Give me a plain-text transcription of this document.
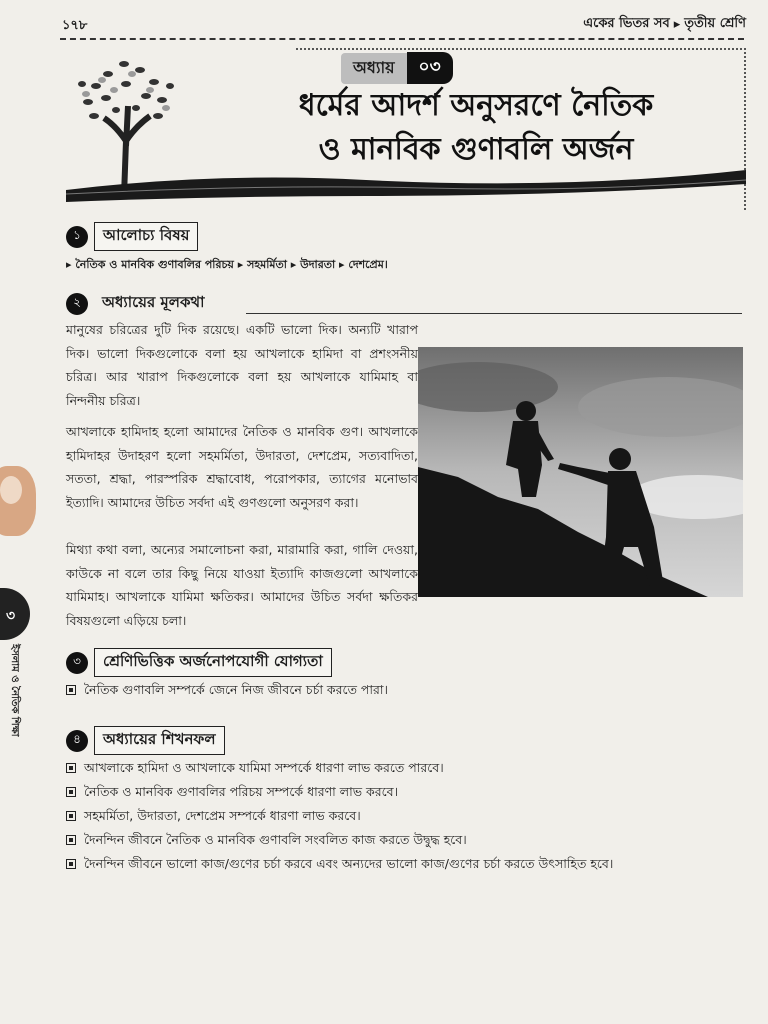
১৭৮	একের ভিতর সব ▸ তৃতীয় শ্রেণি
অধ্যায়	০৩
ধর্মের আদর্শ অনুসরণে নৈতিক
ও মানবিক গুণাবলি অর্জন
১	আলোচ্য বিষয়
▸ নৈতিক ও মানবিক গুণাবলির পরিচয় ▸ সহমর্মিতা ▸ উদারতা ▸ দেশপ্রেম।
২	অধ্যায়ের মূলকথা

মানুষের চরিত্রের দুটি দিক রয়েছে। একটি ভালো দিক। অন্যটি খারাপ দিক। ভালো দিকগুলোকে বলা হয় আখলাকে হামিদা বা প্রশংসনীয় চরিত্র। আর খারাপ দিকগুলোকে বলা হয় আখলাকে যামিমাহ বা নিন্দনীয় চরিত্র।

আখলাকে হামিদাহ হলো আমাদের নৈতিক ও মানবিক গুণ। আখলাকে হামিদাহর উদাহরণ হলো সহমর্মিতা, উদারতা, দেশপ্রেম, সত্যবাদিতা, সততা, শ্রদ্ধা, পারস্পরিক শ্রদ্ধাবোধ, পরোপকার, ত্যাগের মনোভাব ইত্যাদি। আমাদের উচিত সর্বদা এই গুণগুলো অনুসরণ করা।

মিথ্যা কথা বলা, অন্যের সমালোচনা করা, মারামারি করা, গালি দেওয়া, কাউকে না বলে তার কিছু নিয়ে যাওয়া ইত্যাদি কাজগুলো আখলাকে যামিমাহ। আখলাকে যামিমা ক্ষতিকর। আমাদের উচিত সর্বদা ক্ষতিকর বিষয়গুলো এড়িয়ে চলা।

৩	শ্রেণিভিত্তিক অর্জনোপযোগী যোগ্যতা
নৈতিক গুণাবলি সম্পর্কে জেনে নিজ জীবনে চর্চা করতে পারা।
৪	অধ্যায়ের শিখনফল
আখলাকে হামিদা ও আখলাকে যামিমা সম্পর্কে ধারণা লাভ করতে পারবে।
নৈতিক ও মানবিক গুণাবলির পরিচয় সম্পর্কে ধারণা লাভ করবে।
সহমর্মিতা, উদারতা, দেশপ্রেম সম্পর্কে ধারণা লাভ করবে।
দৈনন্দিন জীবনে নৈতিক ও মানবিক গুণাবলি সংবলিত কাজ করতে উদ্বুদ্ধ হবে।
দৈনন্দিন জীবনে ভালো কাজ/গুণের চর্চা করবে এবং অন্যদের ভালো কাজ/গুণের চর্চা করতে উৎসাহিত হবে।
৩
ইসলাম ও নৈতিক শিক্ষা
